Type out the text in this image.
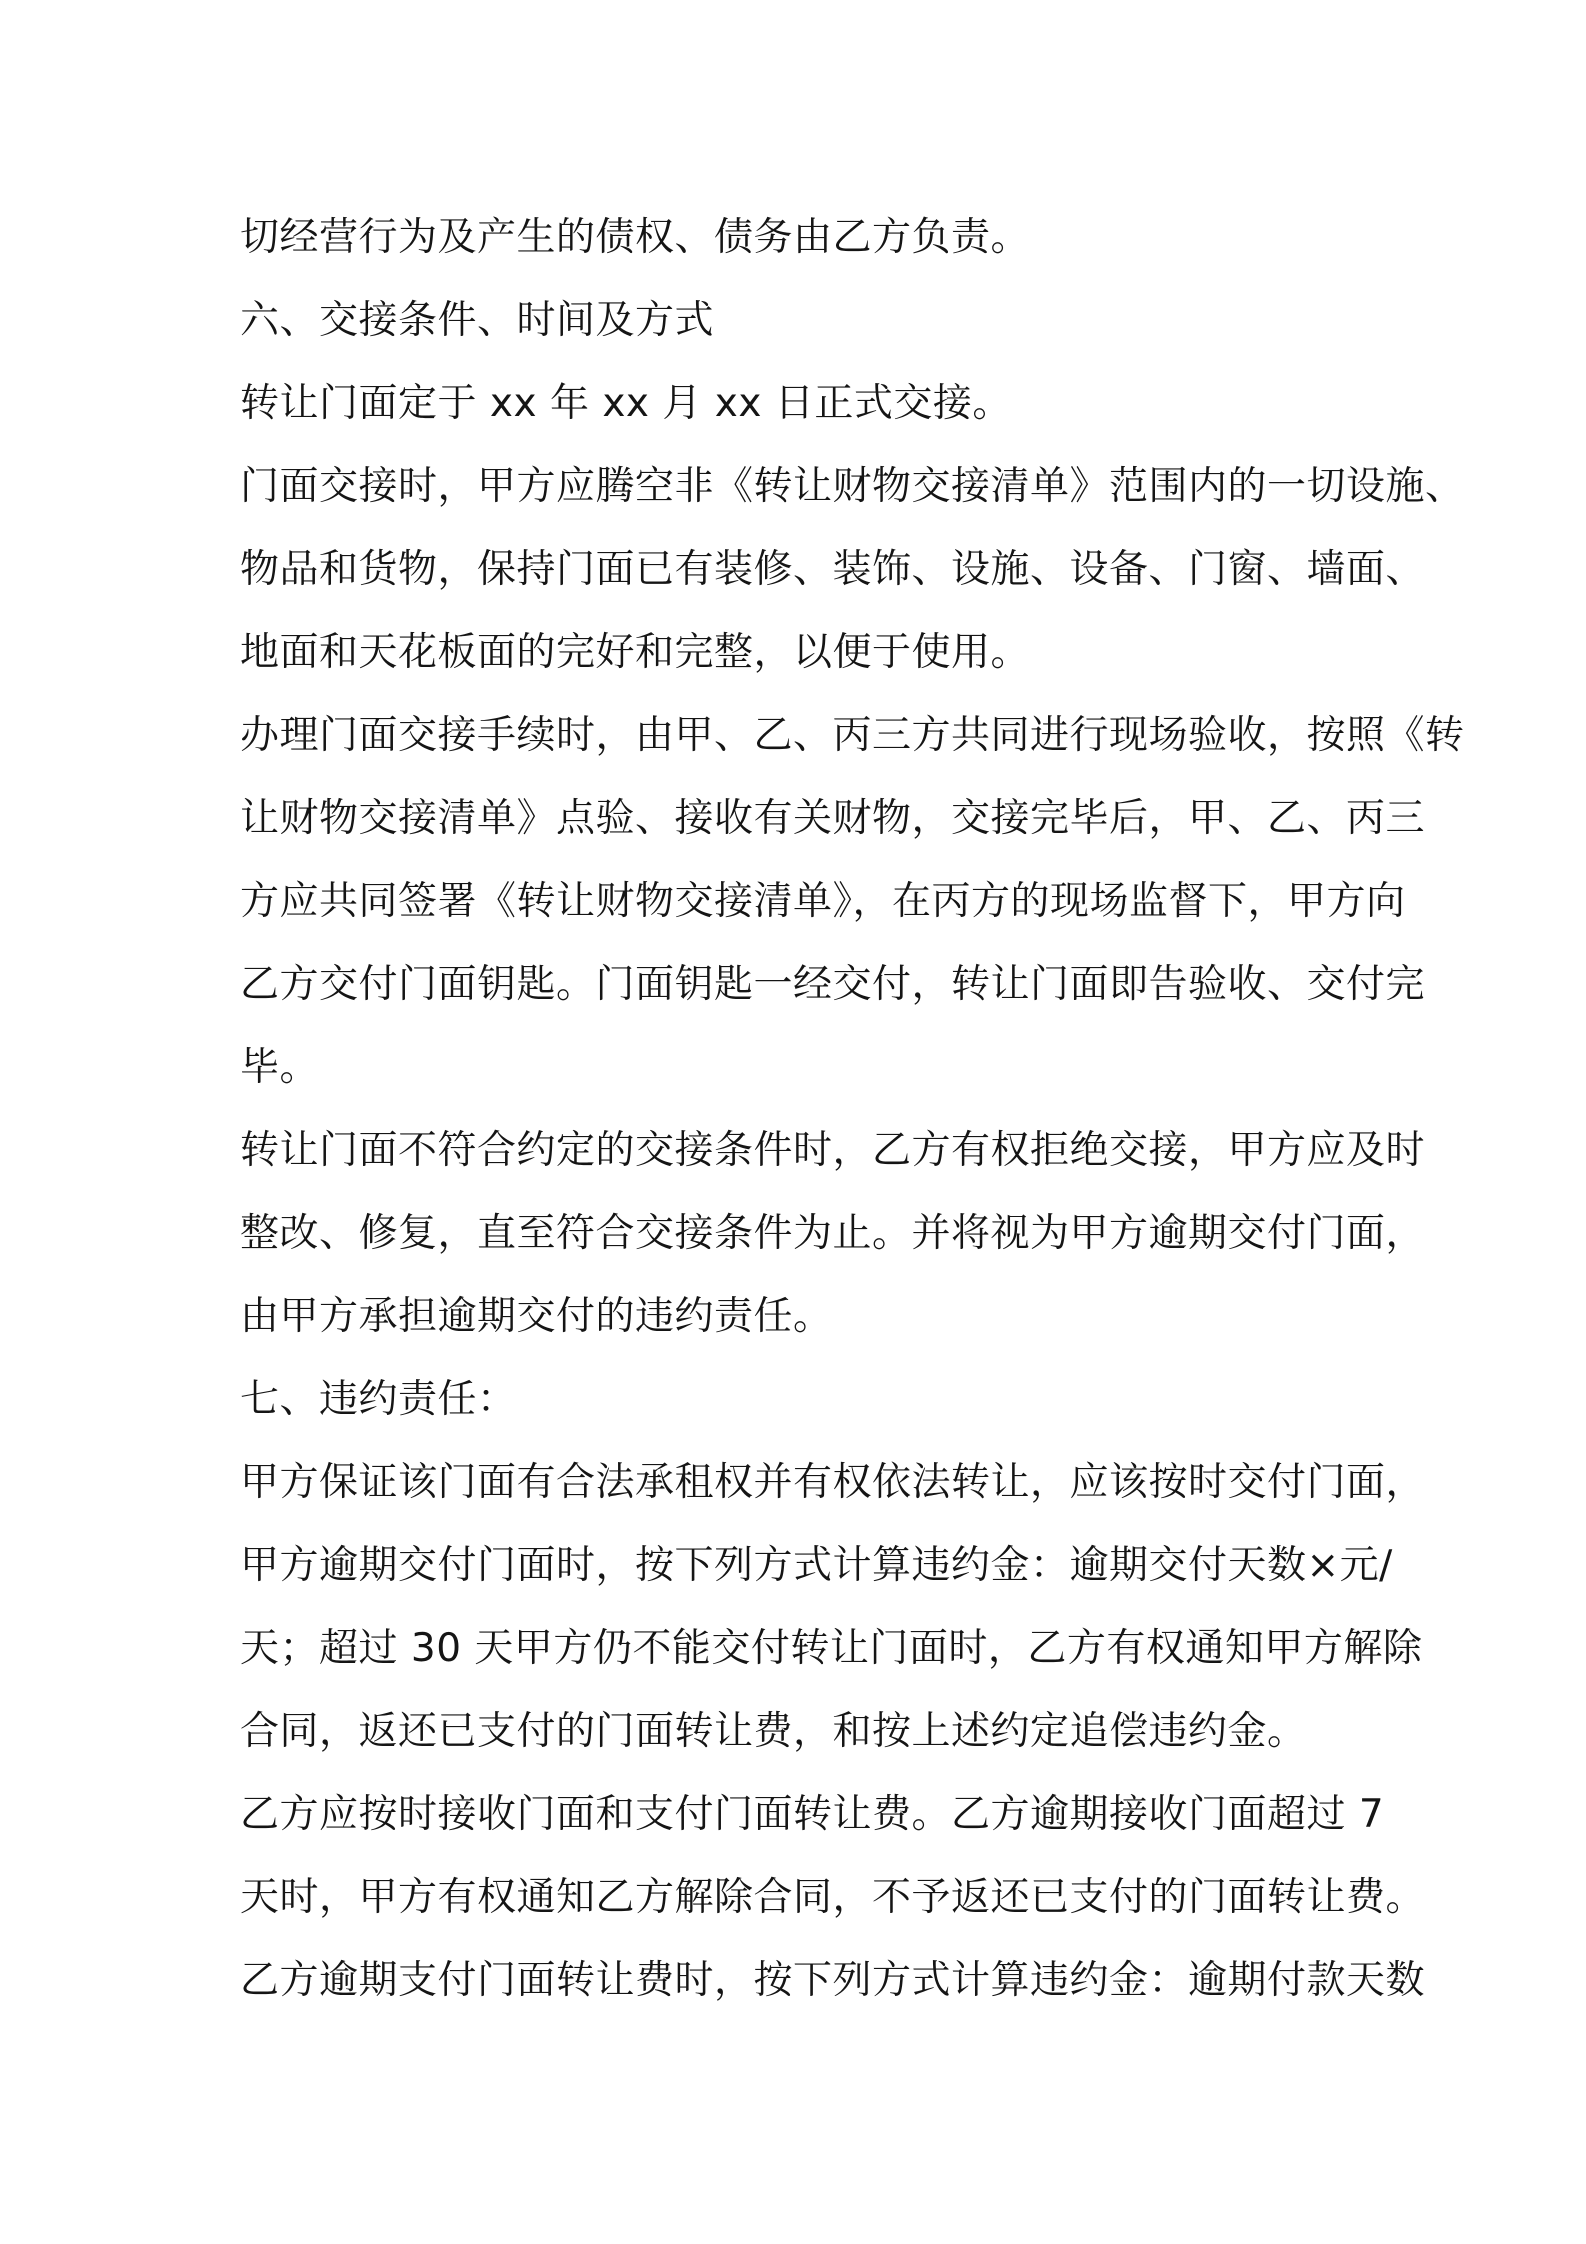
切经营行为及产生的债权、债务由乙方负责。
六、交接条件、时间及方式
转让门面定于 xx 年 xx 月 xx 日正式交接。
门面交接时，甲方应腾空非《转让财物交接清单》范围内的一切设施、
物品和货物，保持门面已有装修、装饰、设施、设备、门窗、墙面、
地面和天花板面的完好和完整，以便于使用。
办理门面交接手续时，由甲、乙、丙三方共同进行现场验收，按照《转
让财物交接清单》点验、接收有关财物，交接完毕后，甲、乙、丙三
方应共同签署《转让财物交接清单》，在丙方的现场监督下，甲方向
乙方交付门面钥匙。门面钥匙一经交付，转让门面即告验收、交付完
毕。
转让门面不符合约定的交接条件时，乙方有权拒绝交接，甲方应及时
整改、修复，直至符合交接条件为止。并将视为甲方逾期交付门面，
由甲方承担逾期交付的违约责任。
七、违约责任：
甲方保证该门面有合法承租权并有权依法转让，应该按时交付门面，
甲方逾期交付门面时，按下列方式计算违约金：逾期交付天数×元/
天；超过 30 天甲方仍不能交付转让门面时，乙方有权通知甲方解除
合同，返还已支付的门面转让费，和按上述约定追偿违约金。
乙方应按时接收门面和支付门面转让费。乙方逾期接收门面超过 7
天时，甲方有权通知乙方解除合同，不予返还已支付的门面转让费。
乙方逾期支付门面转让费时，按下列方式计算违约金：逾期付款天数
